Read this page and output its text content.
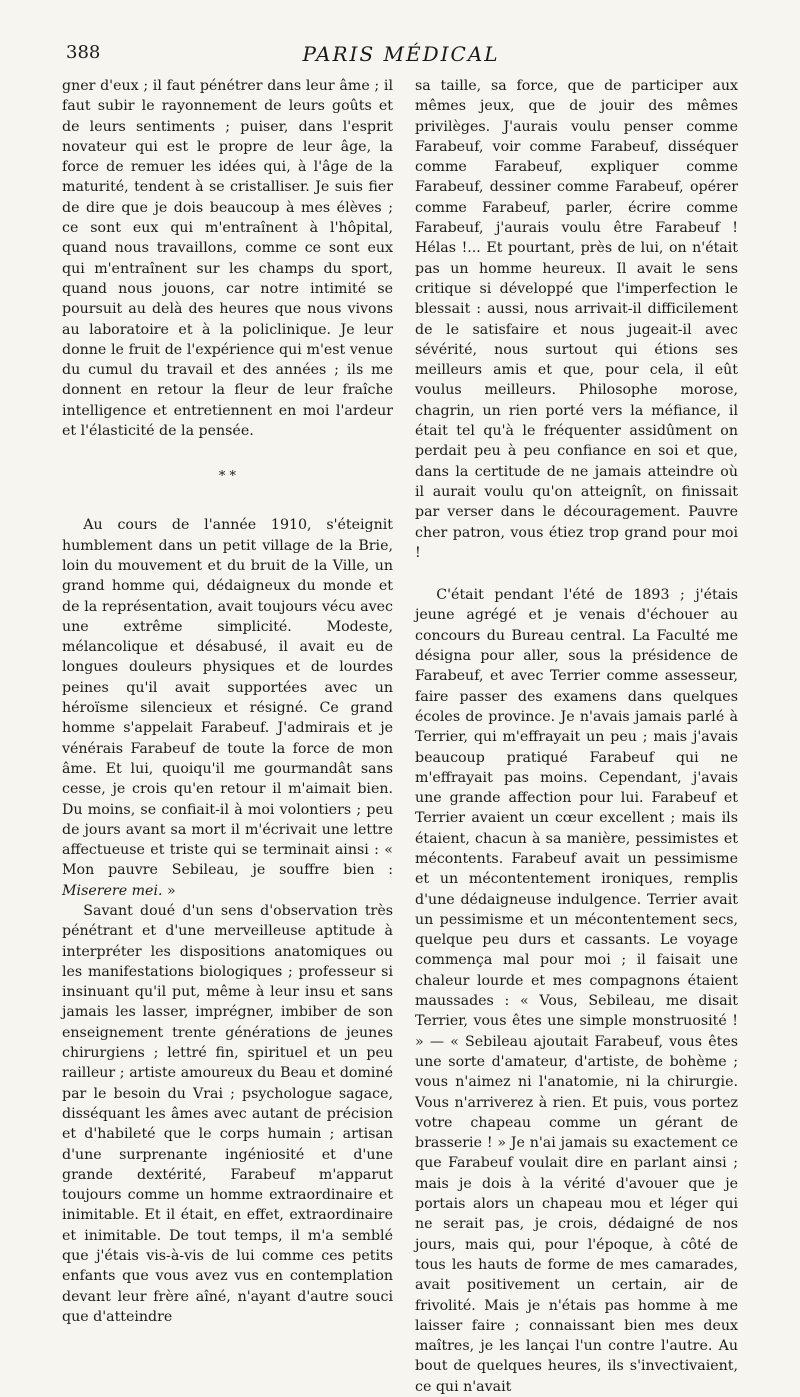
388	PARIS MÉDICAL

gner d'eux ; il faut pénétrer dans leur âme ; il faut subir le rayonnement de leurs goûts et de leurs sentiments ; puiser, dans l'esprit novateur qui est le propre de leur âge, la force de remuer les idées qui, à l'âge de la maturité, tendent à se cristalliser. Je suis fier de dire que je dois beaucoup à mes élèves ; ce sont eux qui m'entraînent à l'hôpital, quand nous travaillons, comme ce sont eux qui m'entraînent sur les champs du sport, quand nous jouons, car notre intimité se poursuit au delà des heures que nous vivons au laboratoire et à la policlinique. Je leur donne le fruit de l'expérience qui m'est venue du cumul du travail et des années ; ils me donnent en retour la fleur de leur fraîche intelligence et entretiennent en moi l'ardeur et l'élasticité de la pensée.

* *

Au cours de l'année 1910, s'éteignit humblement dans un petit village de la Brie, loin du mouvement et du bruit de la Ville, un grand homme qui, dédaigneux du monde et de la représentation, avait toujours vécu avec une extrême simplicité. Modeste, mélancolique et désabusé, il avait eu de longues douleurs physiques et de lourdes peines qu'il avait supportées avec un héroïsme silencieux et résigné. Ce grand homme s'appelait Farabeuf. J'admirais et je vénérais Farabeuf de toute la force de mon âme. Et lui, quoiqu'il me gourmandât sans cesse, je crois qu'en retour il m'aimait bien. Du moins, se confiait-il à moi volontiers ; peu de jours avant sa mort il m'écrivait une lettre affectueuse et triste qui se terminait ainsi : « Mon pauvre Sebileau, je souffre bien : Miserere mei. »

Savant doué d'un sens d'observation très pénétrant et d'une merveilleuse aptitude à interpréter les dispositions anatomiques ou les manifestations biologiques ; professeur si insinuant qu'il put, même à leur insu et sans jamais les lasser, imprégner, imbiber de son enseignement trente générations de jeunes chirurgiens ; lettré fin, spirituel et un peu railleur ; artiste amoureux du Beau et dominé par le besoin du Vrai ; psychologue sagace, disséquant les âmes avec autant de précision et d'habileté que le corps humain ; artisan d'une surprenante ingéniosité et d'une grande dextérité, Farabeuf m'apparut toujours comme un homme extraordinaire et inimitable. Et il était, en effet, extraordinaire et inimitable. De tout temps, il m'a semblé que j'étais vis-à-vis de lui comme ces petits enfants que vous avez vus en contemplation devant leur frère aîné, n'ayant d'autre souci que d'atteindre

sa taille, sa force, que de participer aux mêmes jeux, que de jouir des mêmes privilèges. J'aurais voulu penser comme Farabeuf, voir comme Farabeuf, disséquer comme Farabeuf, expliquer comme Farabeuf, dessiner comme Farabeuf, opérer comme Farabeuf, parler, écrire comme Farabeuf, j'aurais voulu être Farabeuf ! Hélas !... Et pourtant, près de lui, on n'était pas un homme heureux. Il avait le sens critique si développé que l'imperfection le blessait : aussi, nous arrivait-il difficilement de le satisfaire et nous jugeait-il avec sévérité, nous surtout qui étions ses meilleurs amis et que, pour cela, il eût voulus meilleurs. Philosophe morose, chagrin, un rien porté vers la méfiance, il était tel qu'à le fréquenter assidûment on perdait peu à peu confiance en soi et que, dans la certitude de ne jamais atteindre où il aurait voulu qu'on atteignît, on finissait par verser dans le découragement. Pauvre cher patron, vous étiez trop grand pour moi !

C'était pendant l'été de 1893 ; j'étais jeune agrégé et je venais d'échouer au concours du Bureau central. La Faculté me désigna pour aller, sous la présidence de Farabeuf, et avec Terrier comme assesseur, faire passer des examens dans quelques écoles de province. Je n'avais jamais parlé à Terrier, qui m'effrayait un peu ; mais j'avais beaucoup pratiqué Farabeuf qui ne m'effrayait pas moins. Cependant, j'avais une grande affection pour lui. Farabeuf et Terrier avaient un cœur excellent ; mais ils étaient, chacun à sa manière, pessimistes et mécontents. Farabeuf avait un pessimisme et un mécontentement ironiques, remplis d'une dédaigneuse indulgence. Terrier avait un pessimisme et un mécontentement secs, quelque peu durs et cassants. Le voyage commença mal pour moi ; il faisait une chaleur lourde et mes compagnons étaient maussades : « Vous, Sebileau, me disait Terrier, vous êtes une simple monstruosité ! » — « Sebileau ajoutait Farabeuf, vous êtes une sorte d'amateur, d'artiste, de bohème ; vous n'aimez ni l'anatomie, ni la chirurgie. Vous n'arriverez à rien. Et puis, vous portez votre chapeau comme un gérant de brasserie ! » Je n'ai jamais su exactement ce que Farabeuf voulait dire en parlant ainsi ; mais je dois à la vérité d'avouer que je portais alors un chapeau mou et léger qui ne serait pas, je crois, dédaigné de nos jours, mais qui, pour l'époque, à côté de tous les hauts de forme de mes camarades, avait positivement un certain, air de frivolité. Mais je n'étais pas homme à me laisser faire ; connaissant bien mes deux maîtres, je les lançai l'un contre l'autre. Au bout de quelques heures, ils s'invectivaient, ce qui n'avait
